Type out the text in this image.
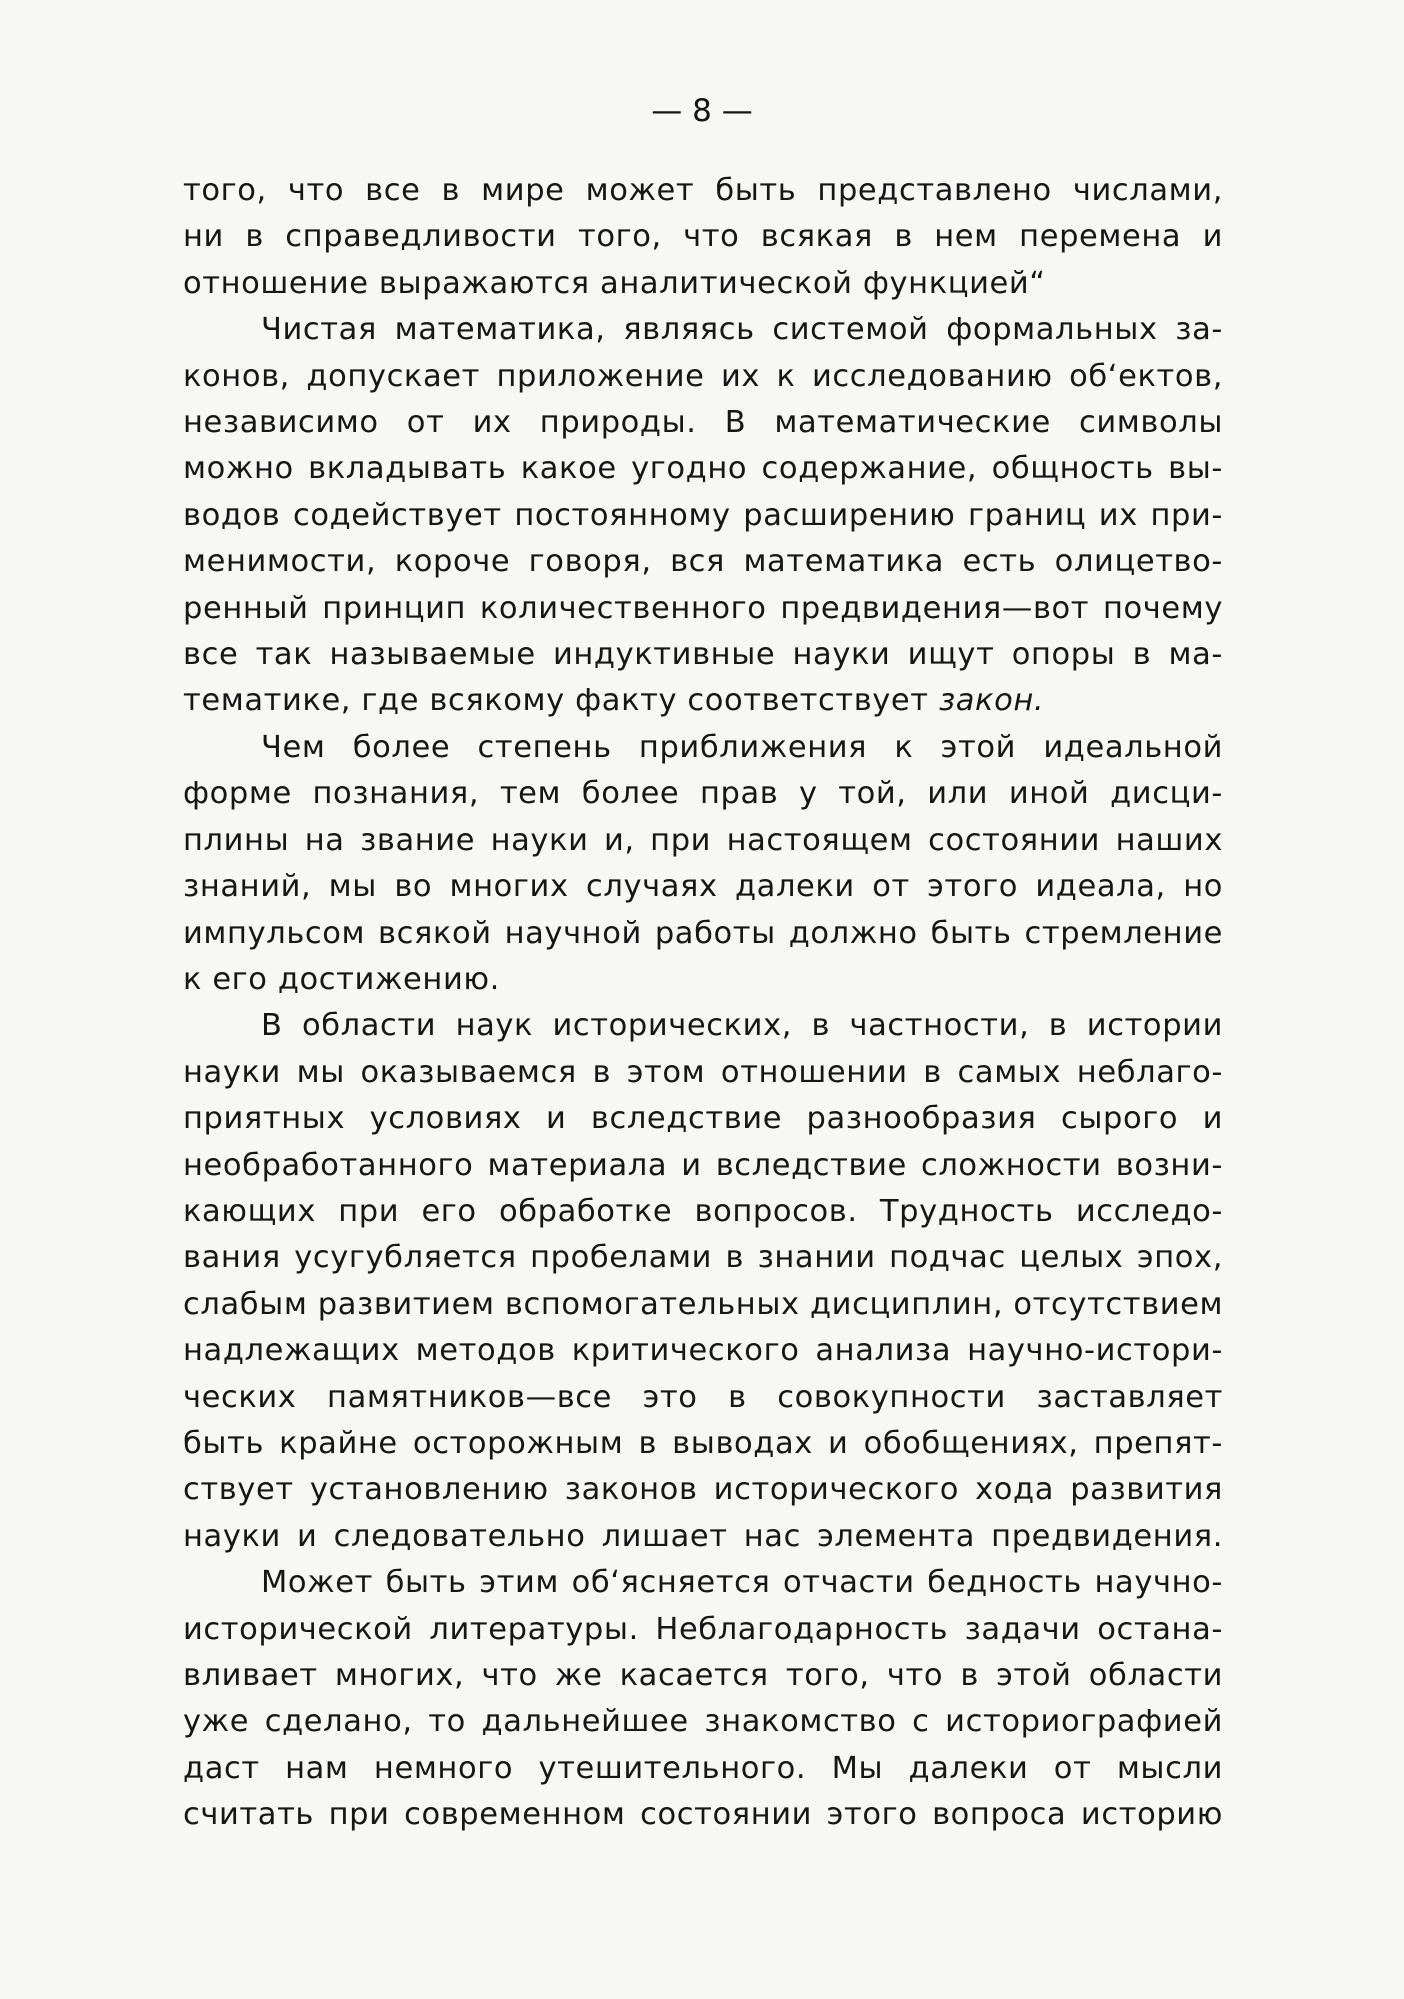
— 8 —
того, что все в мире может быть представлено числами,
ни в справедливости того, что всякая в нем перемена и
отношение выражаются аналитической функцией“
Чистая математика, являясь системой формальных за-
конов, допускает приложение их к исследованию об‘ектов,
независимо от их природы. В математические символы
можно вкладывать какое угодно содержание, общность вы-
водов содействует постоянному расширению границ их при-
менимости, короче говоря, вся математика есть олицетво-
ренный принцип количественного предвидения—вот почему
все так называемые индуктивные науки ищут опоры в ма-
тематике, где всякому факту соответствует закон.
Чем более степень приближения к этой идеальной
форме познания, тем более прав у той, или иной дисци-
плины на звание науки и, при настоящем состоянии наших
знаний, мы во многих случаях далеки от этого идеала, но
импульсом всякой научной работы должно быть стремление
к его достижению.
В области наук исторических, в частности, в истории
науки мы оказываемся в этом отношении в самых неблаго-
приятных условиях и вследствие разнообразия сырого и
необработанного материала и вследствие сложности возни-
кающих при его обработке вопросов. Трудность исследо-
вания усугубляется пробелами в знании подчас целых эпох,
слабым развитием вспомогательных дисциплин, отсутствием
надлежащих методов критического анализа научно-истори-
ческих памятников—все это в совокупности заставляет
быть крайне осторожным в выводах и обобщениях, препят-
ствует установлению законов исторического хода развития
науки и следовательно лишает нас элемента предвидения.
Может быть этим об‘ясняется отчасти бедность научно-
исторической литературы. Неблагодарность задачи остана-
вливает многих, что же касается того, что в этой области
уже сделано, то дальнейшее знакомство с историографией
даст нам немного утешительного. Мы далеки от мысли
считать при современном состоянии этого вопроса историю
